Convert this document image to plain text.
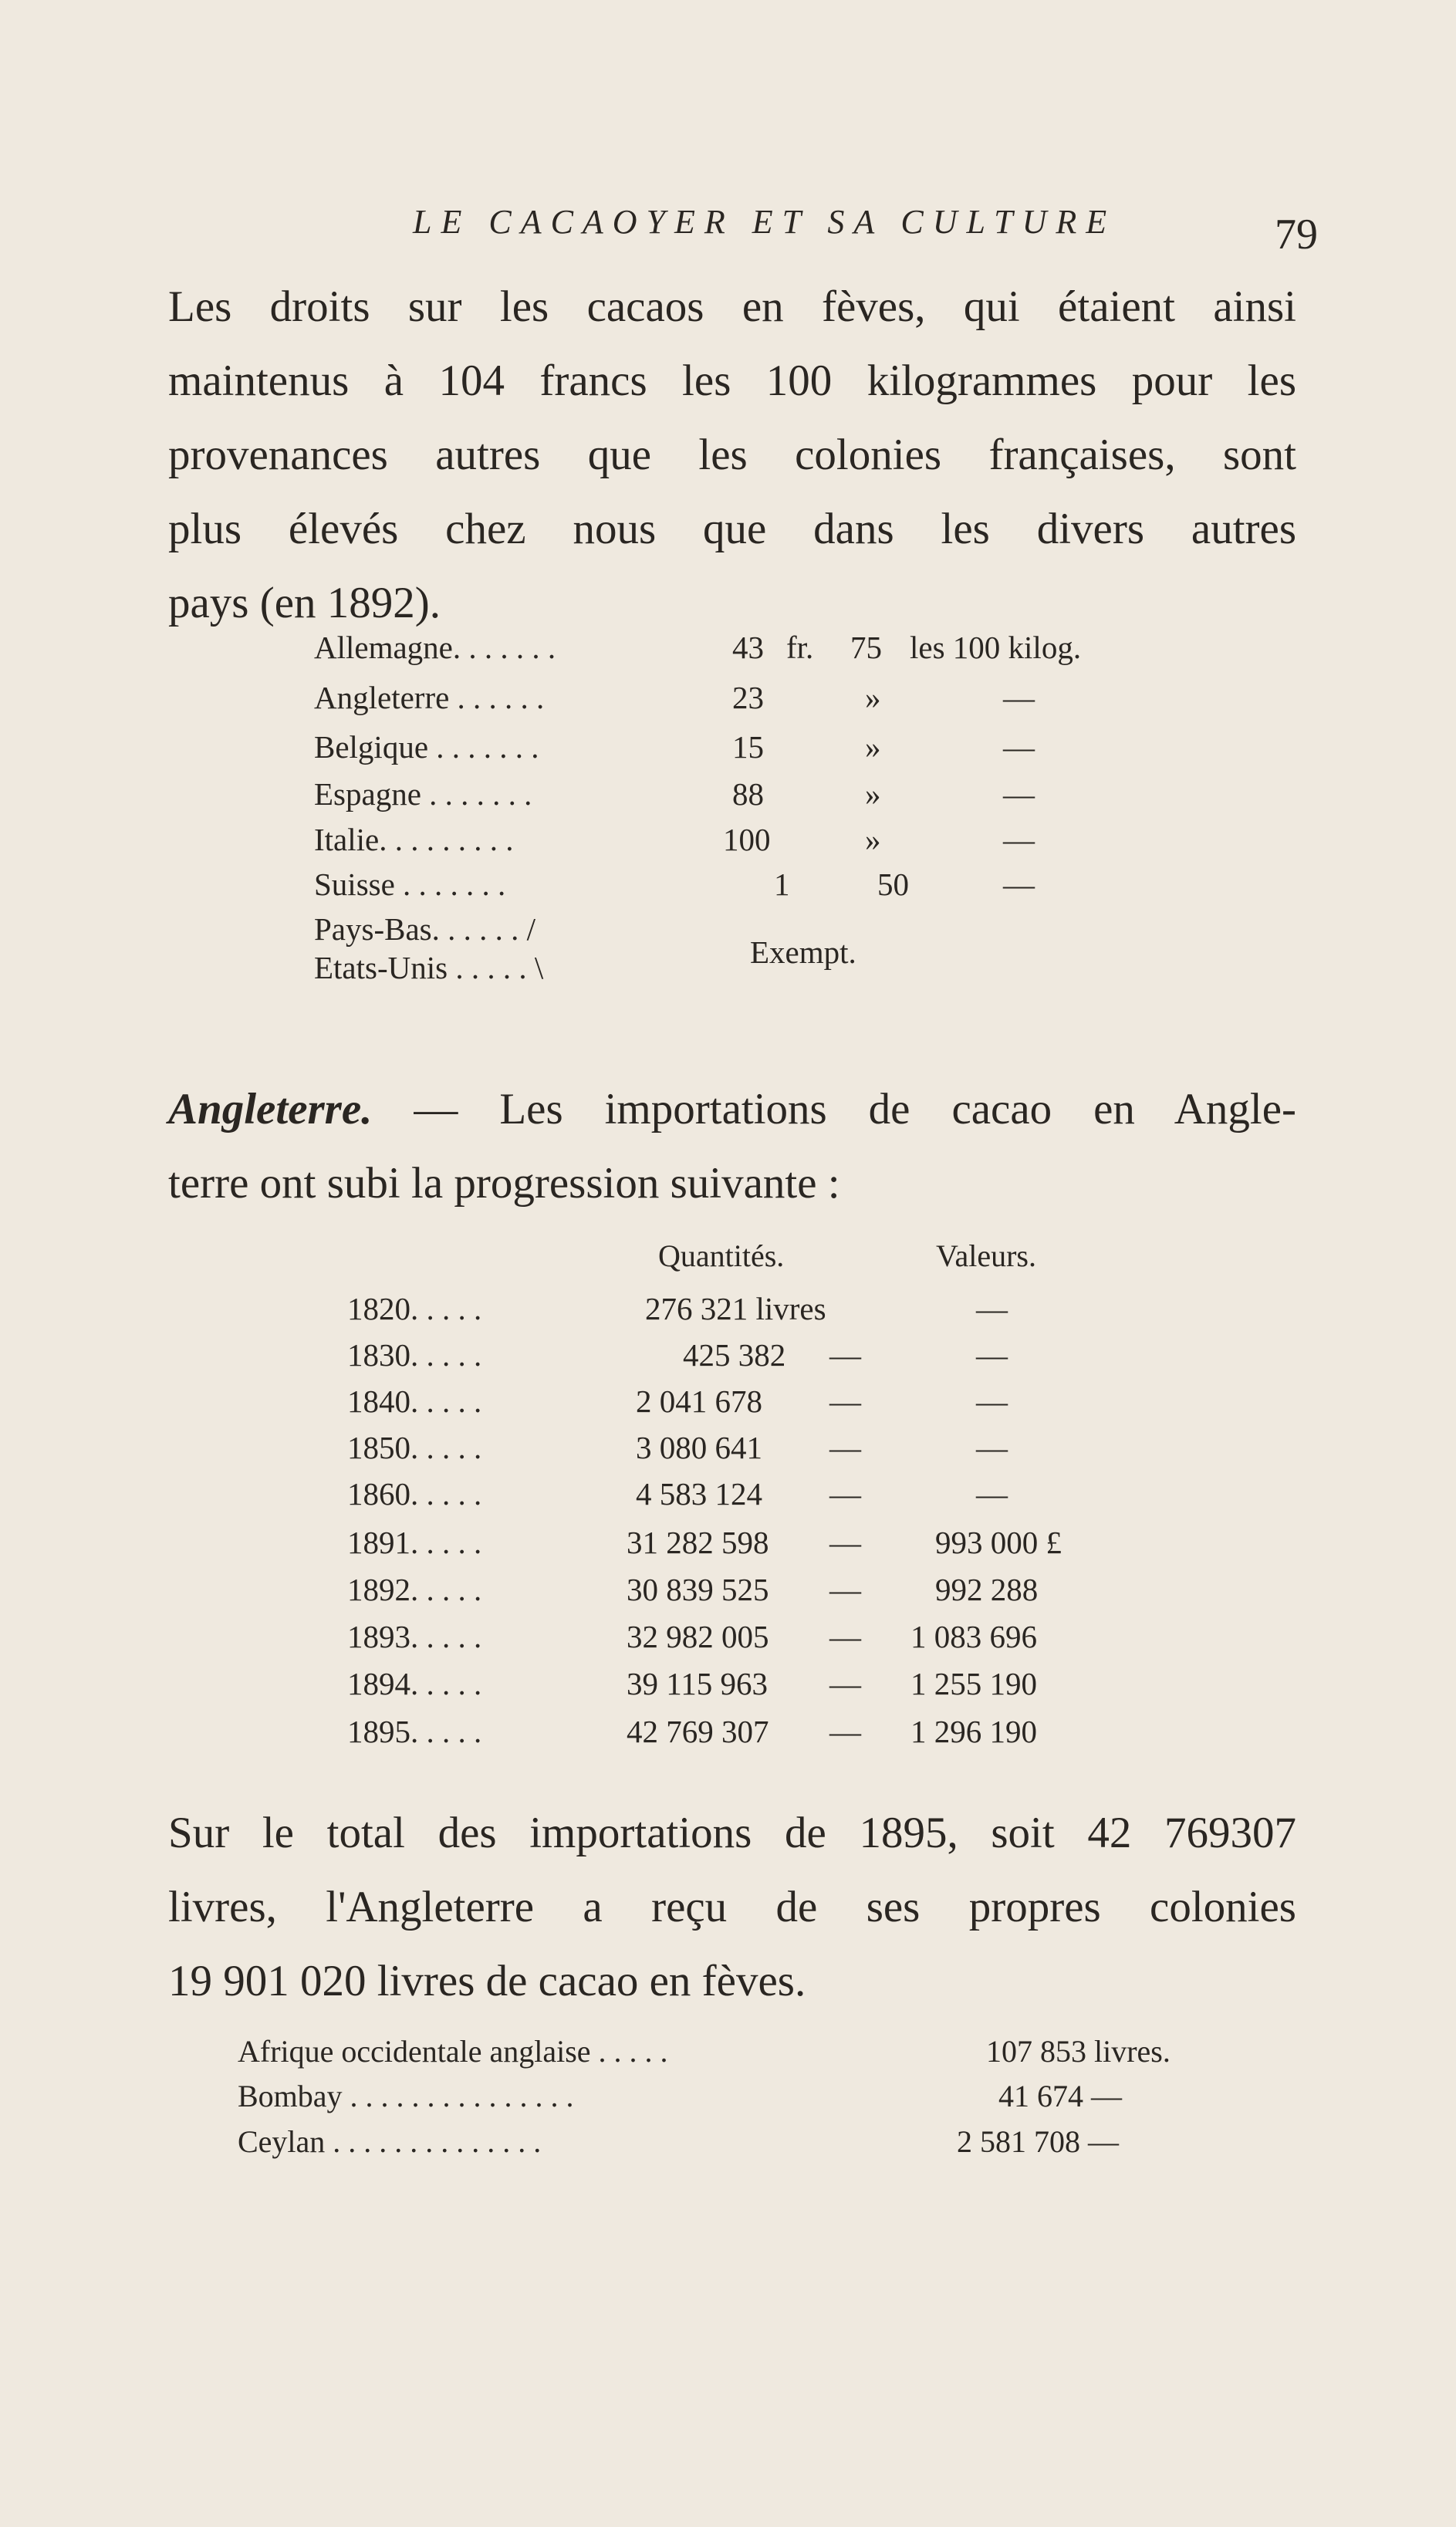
LE CACAOYER ET SA CULTURE	79
Les droits sur les cacaos en fèves, qui étaient ainsi
maintenus à 104 francs les 100 kilogrammes pour les
provenances autres que les colonies françaises, sont
plus élevés chez nous que dans les divers autres
pays (en 1892).
Allemagne. . . . . . .	43 fr. 75 les 100 kilog.
Angleterre . . . . . .	23	»	—
Belgique . . . . . . .	15	»	—
Espagne . . . . . . .	88	»	—
Italie. . . . . . . . .	100	»	—
Suisse . . . . . . .	1	50	—
Pays-Bas. . . . . . /
Etats-Unis . . . . . \	Exempt.
Angleterre. — Les importations de cacao en Angle-
terre ont subi la progression suivante :
Quantités.	Valeurs.
1820. . . . .	276 321 livres	—
1830. . . . .	425 382 —	—
1840. . . . .	2 041 678 —	—
1850. . . . .	3 080 641 —	—
1860. . . . .	4 583 124 —	—
1891. . . . .	31 282 598 — 993 000 £
1892. . . . .	30 839 525 — 992 288
1893. . . . .	32 982 005 — 1 083 696
1894. . . . .	39 115 963 — 1 255 190
1895. . . . .	42 769 307 — 1 296 190
Sur le total des importations de 1895, soit 42 769307
livres, l'Angleterre a reçu de ses propres colonies
19 901 020 livres de cacao en fèves.
Afrique occidentale anglaise . . . . .	107 853 livres.
Bombay . . . . . . . . . . . . . . .	41 674 —
Ceylan . . . . . . . . . . . . . .	2 581 708 —
